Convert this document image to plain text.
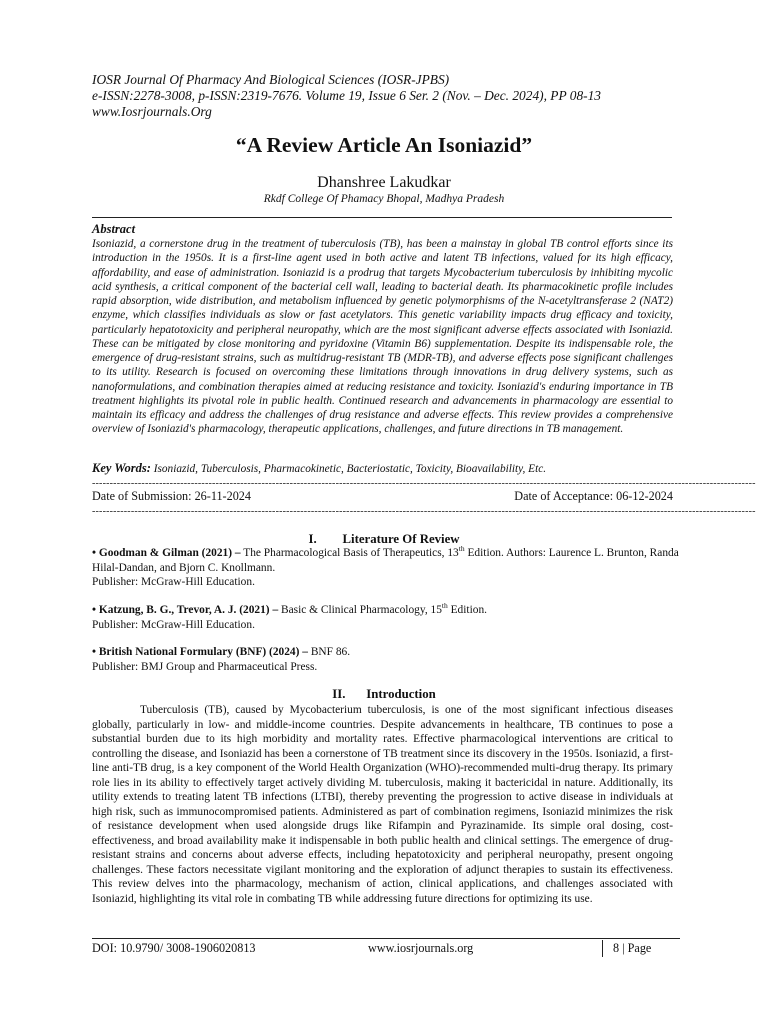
IOSR Journal Of Pharmacy And Biological Sciences (IOSR-JPBS)
e-ISSN:2278-3008, p-ISSN:2319-7676. Volume 19, Issue 6 Ser. 2 (Nov. – Dec. 2024), PP 08-13
www.Iosrjournals.Org
“A Review Article An Isoniazid”
Dhanshree Lakudkar
Rkdf College Of Phamacy Bhopal, Madhya Pradesh
Abstract
Isoniazid, a cornerstone drug in the treatment of tuberculosis (TB), has been a mainstay in global TB control efforts since its introduction in the 1950s. It is a first-line agent used in both active and latent TB infections, valued for its high efficacy, affordability, and ease of administration. Isoniazid is a prodrug that targets Mycobacterium tuberculosis by inhibiting mycolic acid synthesis, a critical component of the bacterial cell wall, leading to bacterial death. Its pharmacokinetic profile includes rapid absorption, wide distribution, and metabolism influenced by genetic polymorphisms of the N-acetyltransferase 2 (NAT2) enzyme, which classifies individuals as slow or fast acetylators. This genetic variability impacts drug efficacy and toxicity, particularly hepatotoxicity and peripheral neuropathy, which are the most significant adverse effects associated with Isoniazid. These can be mitigated by close monitoring and pyridoxine (Vitamin B6) supplementation. Despite its indispensable role, the emergence of drug-resistant strains, such as multidrug-resistant TB (MDR-TB), and adverse effects pose significant challenges to its utility. Research is focused on overcoming these limitations through innovations in drug delivery systems, such as nanoformulations, and combination therapies aimed at reducing resistance and toxicity. Isoniazid's enduring importance in TB treatment highlights its pivotal role in public health. Continued research and advancements in pharmacology are essential to maintain its efficacy and address the challenges of drug resistance and adverse effects. This review provides a comprehensive overview of Isoniazid's pharmacology, therapeutic applications, challenges, and future directions in TB management.
Key Words: Isoniazid, Tuberculosis, Pharmacokinetic, Bacteriostatic, Toxicity, Bioavailability, Etc.
--------------------------------------------------------------------------------------------------------------------------------------------------------------------------------------------
Date of Submission: 26-11-2024	Date of Acceptance: 06-12-2024
--------------------------------------------------------------------------------------------------------------------------------------------------------------------------------------------
I. Literature Of Review
• Goodman & Gilman (2021) – The Pharmacological Basis of Therapeutics, 13th Edition. Authors: Laurence L. Brunton, Randa Hilal-Dandan, and Bjorn C. Knollmann.
Publisher: McGraw-Hill Education.
• Katzung, B. G., Trevor, A. J. (2021) – Basic & Clinical Pharmacology, 15th Edition.
Publisher: McGraw-Hill Education.
• British National Formulary (BNF) (2024) – BNF 86.
Publisher: BMJ Group and Pharmaceutical Press.
II. Introduction
Tuberculosis (TB), caused by Mycobacterium tuberculosis, is one of the most significant infectious diseases globally, particularly in low- and middle-income countries. Despite advancements in healthcare, TB continues to pose a substantial burden due to its high morbidity and mortality rates. Effective pharmacological interventions are critical to controlling the disease, and Isoniazid has been a cornerstone of TB treatment since its discovery in the 1950s. Isoniazid, a first-line anti-TB drug, is a key component of the World Health Organization (WHO)-recommended multi-drug therapy. Its primary role lies in its ability to effectively target actively dividing M. tuberculosis, making it bactericidal in nature. Additionally, its utility extends to treating latent TB infections (LTBI), thereby preventing the progression to active disease in individuals at high risk, such as immunocompromised patients. Administered as part of combination regimens, Isoniazid minimizes the risk of resistance development when used alongside drugs like Rifampin and Pyrazinamide. Its simple oral dosing, cost-effectiveness, and broad availability make it indispensable in both public health and clinical settings. The emergence of drug-resistant strains and concerns about adverse effects, including hepatotoxicity and peripheral neuropathy, present ongoing challenges. These factors necessitate vigilant monitoring and the exploration of adjunct therapies to sustain its effectiveness. This review delves into the pharmacology, mechanism of action, clinical applications, and challenges associated with Isoniazid, highlighting its vital role in combating TB while addressing future directions for optimizing its use.
DOI: 10.9790/ 3008-1906020813	www.iosrjournals.org	8 | Page
